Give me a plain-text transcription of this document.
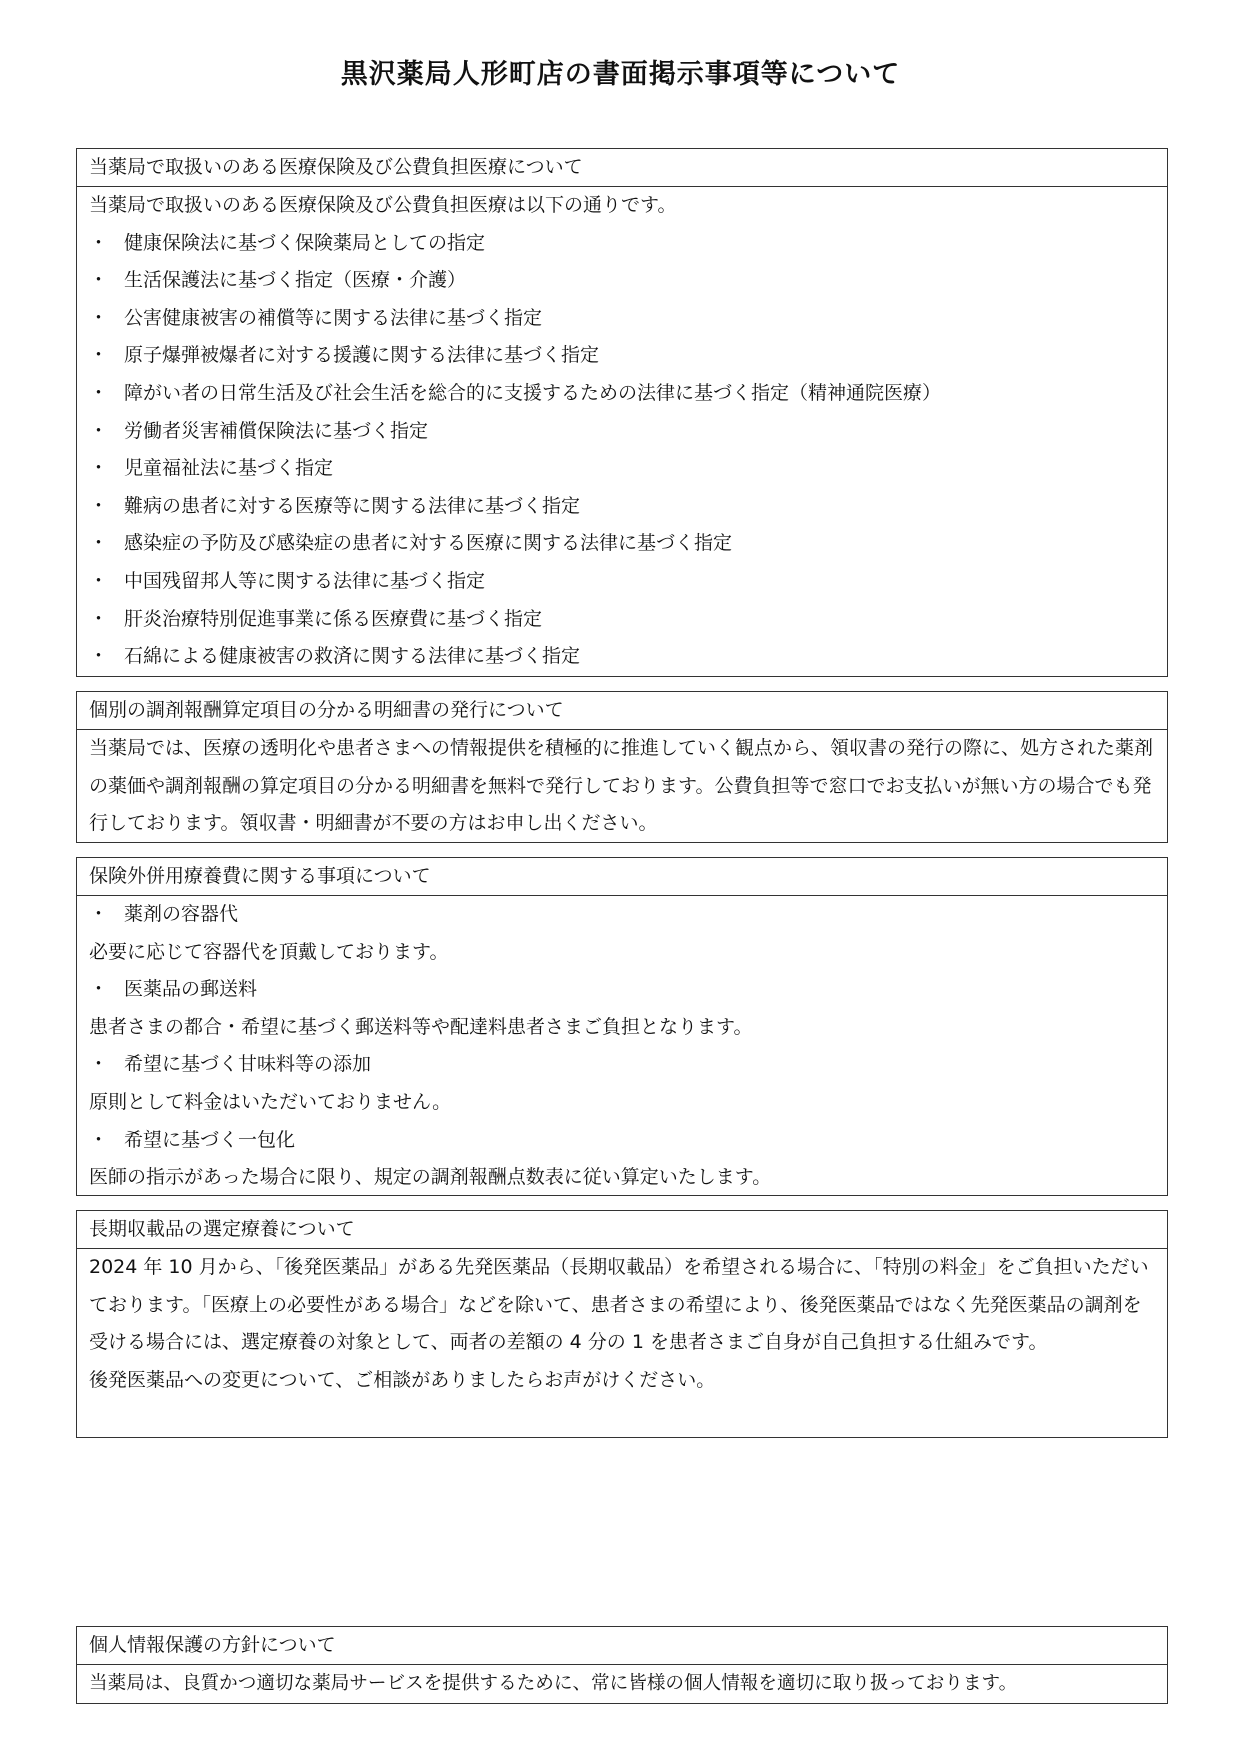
黒沢薬局人形町店の書面掲示事項等について
当薬局で取扱いのある医療保険及び公費負担医療について
当薬局で取扱いのある医療保険及び公費負担医療は以下の通りです。
・ 健康保険法に基づく保険薬局としての指定
・ 生活保護法に基づく指定（医療・介護）
・ 公害健康被害の補償等に関する法律に基づく指定
・ 原子爆弾被爆者に対する援護に関する法律に基づく指定
・ 障がい者の日常生活及び社会生活を総合的に支援するための法律に基づく指定（精神通院医療）
・ 労働者災害補償保険法に基づく指定
・ 児童福祉法に基づく指定
・ 難病の患者に対する医療等に関する法律に基づく指定
・ 感染症の予防及び感染症の患者に対する医療に関する法律に基づく指定
・ 中国残留邦人等に関する法律に基づく指定
・ 肝炎治療特別促進事業に係る医療費に基づく指定
・ 石綿による健康被害の救済に関する法律に基づく指定
個別の調剤報酬算定項目の分かる明細書の発行について

当薬局では、医療の透明化や患者さまへの情報提供を積極的に推進していく観点から、領収書の発行の際に、処方された薬剤の薬価や調剤報酬の算定項目の分かる明細書を無料で発行しております。公費負担等で窓口でお支払いが無い方の場合でも発行しております。領収書・明細書が不要の方はお申し出ください。

保険外併用療養費に関する事項について
・ 薬剤の容器代
必要に応じて容器代を頂戴しております。
・ 医薬品の郵送料
患者さまの都合・希望に基づく郵送料等や配達料患者さまご負担となります。
・ 希望に基づく甘味料等の添加
原則として料金はいただいておりません。
・ 希望に基づく一包化
医師の指示があった場合に限り、規定の調剤報酬点数表に従い算定いたします。
長期収載品の選定療養について

2024 年 10 月から、「後発医薬品」がある先発医薬品（長期収載品）を希望される場合に、「特別の料金」をご負担いただいております。「医療上の必要性がある場合」などを除いて、患者さまの希望により、後発医薬品ではなく先発医薬品の調剤を受ける場合には、選定療養の対象として、両者の差額の 4 分の 1 を患者さまご自身が自己負担する仕組みです。

後発医薬品への変更について、ご相談がありましたらお声がけください。

個人情報保護の方針について

当薬局は、良質かつ適切な薬局サービスを提供するために、常に皆様の個人情報を適切に取り扱っております。
